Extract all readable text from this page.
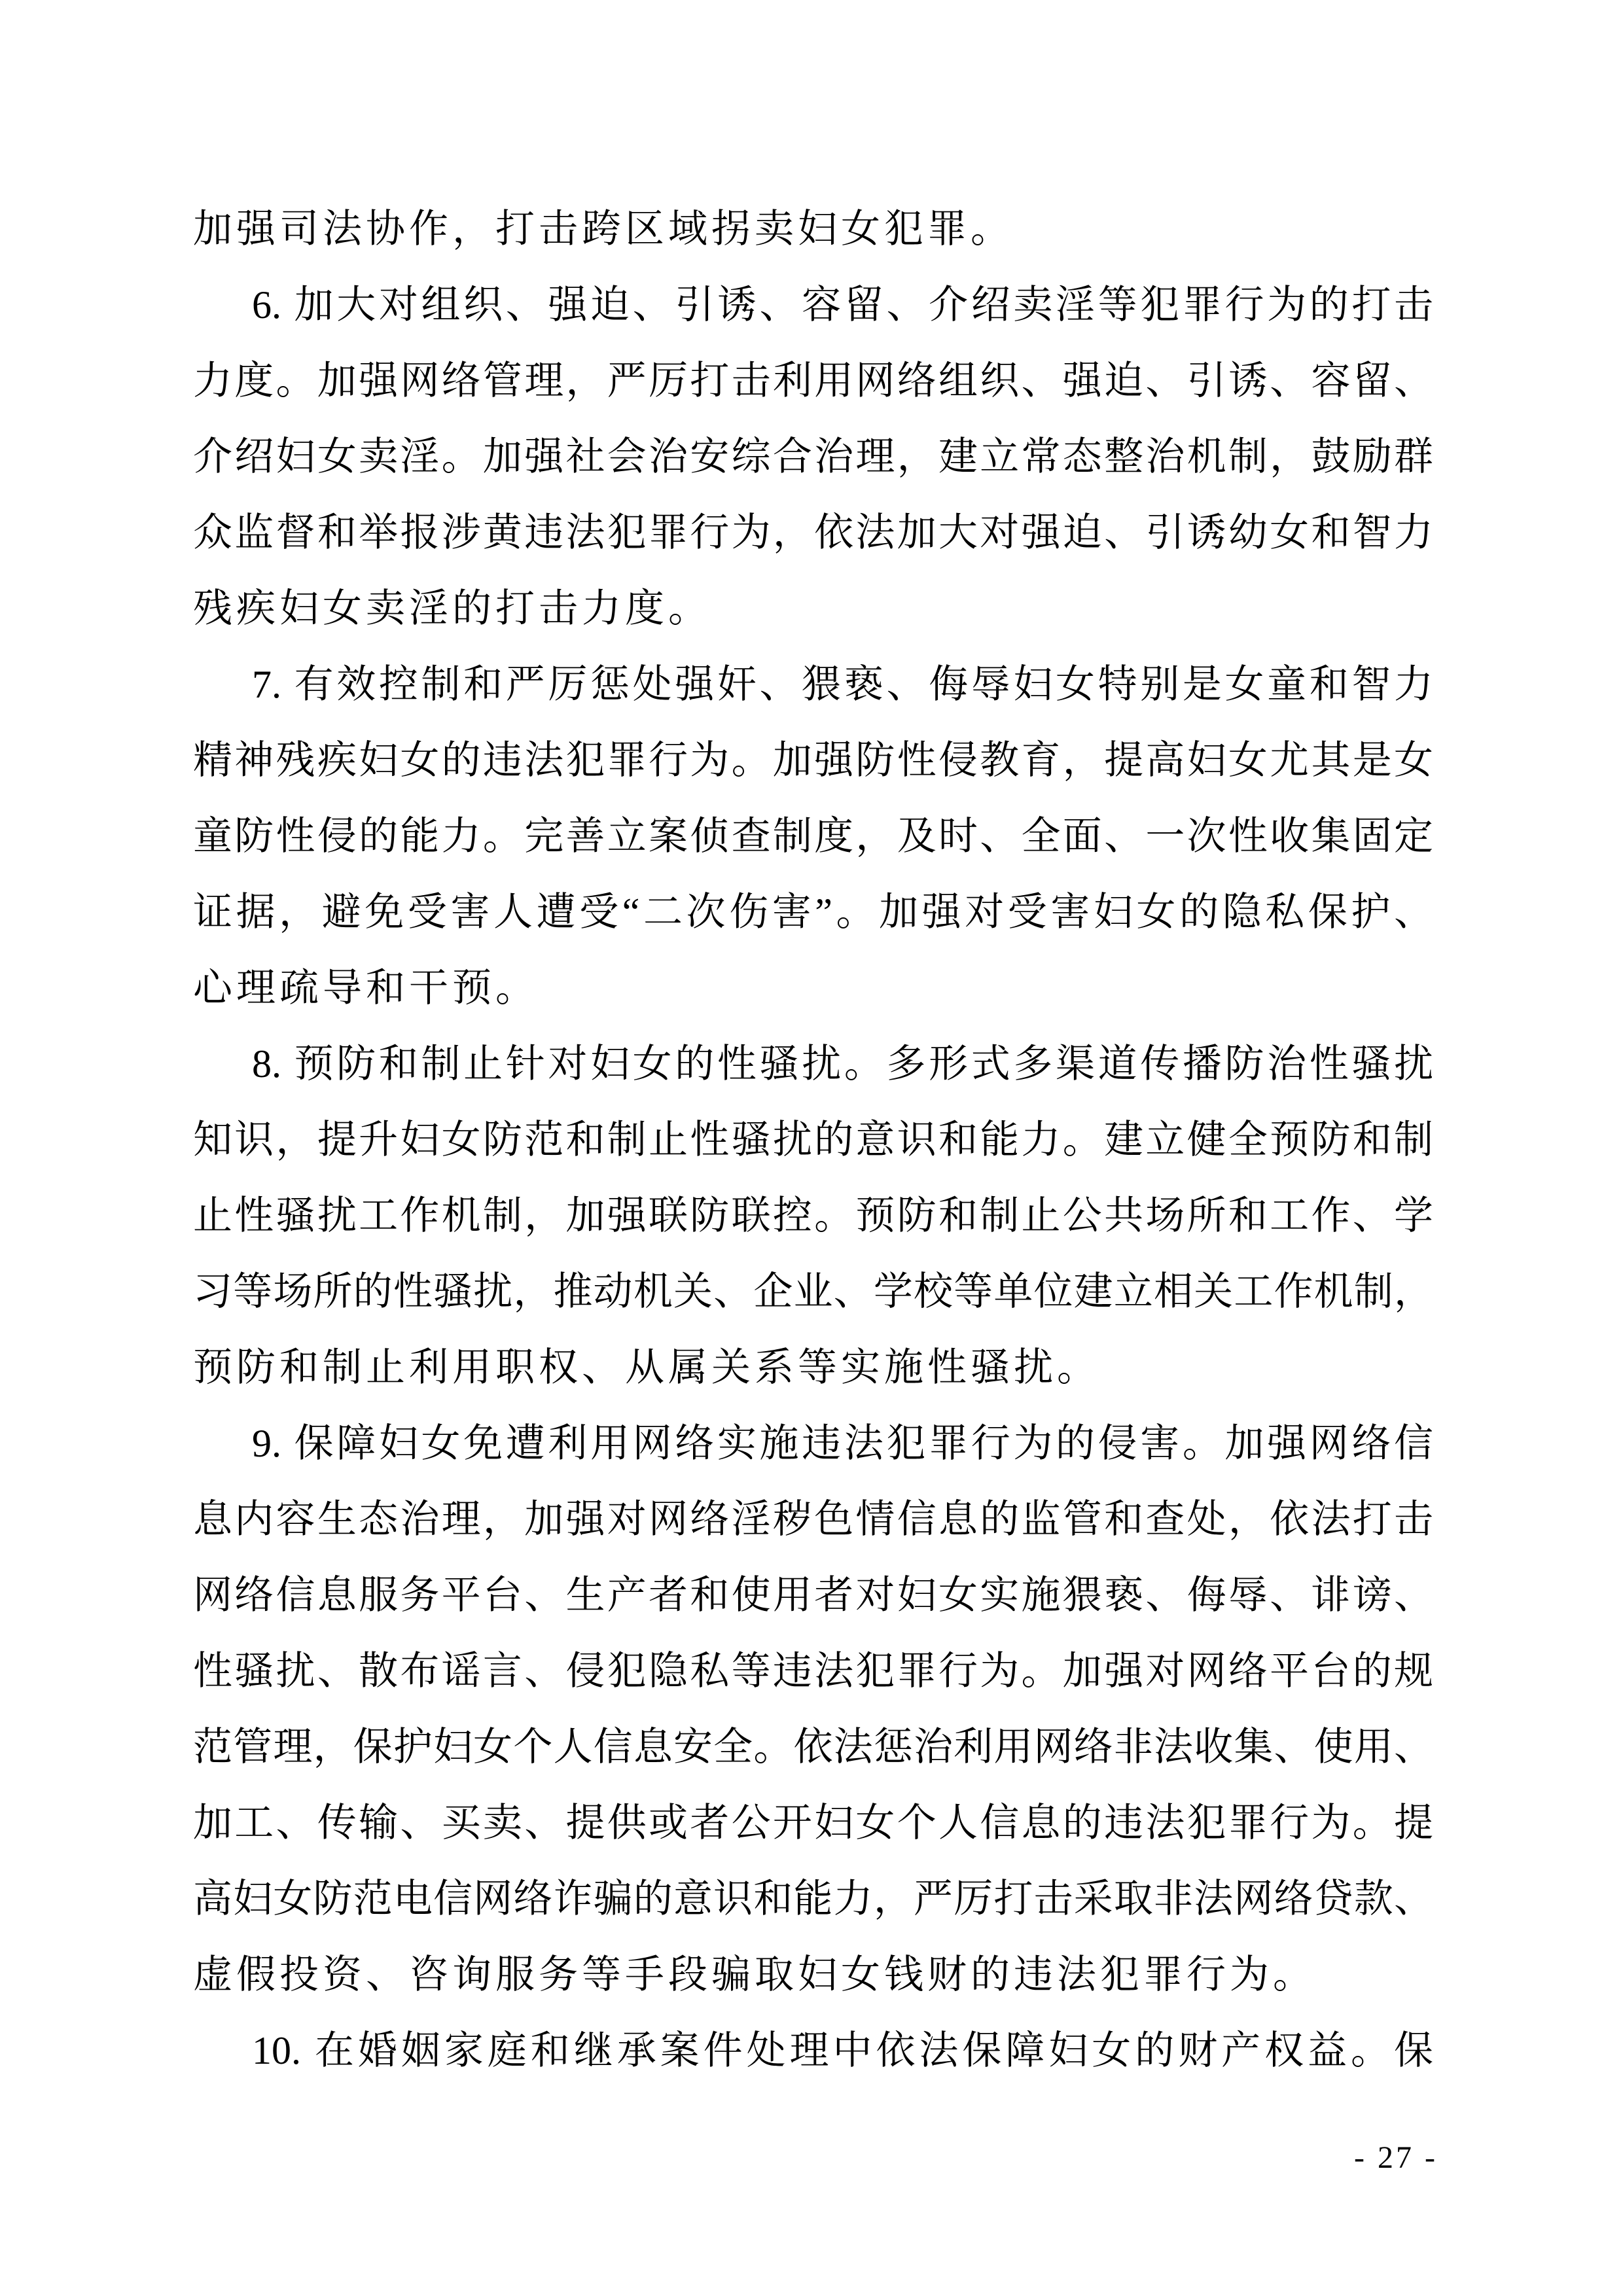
加强司法协作，打击跨区域拐卖妇女犯罪。
6. 加大对组织、强迫、引诱、容留、介绍卖淫等犯罪行为的打击
力度。加强网络管理，严厉打击利用网络组织、强迫、引诱、容留、
介绍妇女卖淫。加强社会治安综合治理，建立常态整治机制，鼓励群
众监督和举报涉黄违法犯罪行为，依法加大对强迫、引诱幼女和智力
残疾妇女卖淫的打击力度。
7. 有效控制和严厉惩处强奸、猥亵、侮辱妇女特别是女童和智力
精神残疾妇女的违法犯罪行为。加强防性侵教育，提高妇女尤其是女
童防性侵的能力。完善立案侦查制度，及时、全面、一次性收集固定
证据，避免受害人遭受“二次伤害”。加强对受害妇女的隐私保护、
心理疏导和干预。
8. 预防和制止针对妇女的性骚扰。多形式多渠道传播防治性骚扰
知识，提升妇女防范和制止性骚扰的意识和能力。建立健全预防和制
止性骚扰工作机制，加强联防联控。预防和制止公共场所和工作、学
习等场所的性骚扰，推动机关、企业、学校等单位建立相关工作机制，
预防和制止利用职权、从属关系等实施性骚扰。
9. 保障妇女免遭利用网络实施违法犯罪行为的侵害。加强网络信
息内容生态治理，加强对网络淫秽色情信息的监管和查处，依法打击
网络信息服务平台、生产者和使用者对妇女实施猥亵、侮辱、诽谤、
性骚扰、散布谣言、侵犯隐私等违法犯罪行为。加强对网络平台的规
范管理，保护妇女个人信息安全。依法惩治利用网络非法收集、使用、
加工、传输、买卖、提供或者公开妇女个人信息的违法犯罪行为。提
高妇女防范电信网络诈骗的意识和能力，严厉打击采取非法网络贷款、
虚假投资、咨询服务等手段骗取妇女钱财的违法犯罪行为。
10. 在婚姻家庭和继承案件处理中依法保障妇女的财产权益。保
- 27 -
